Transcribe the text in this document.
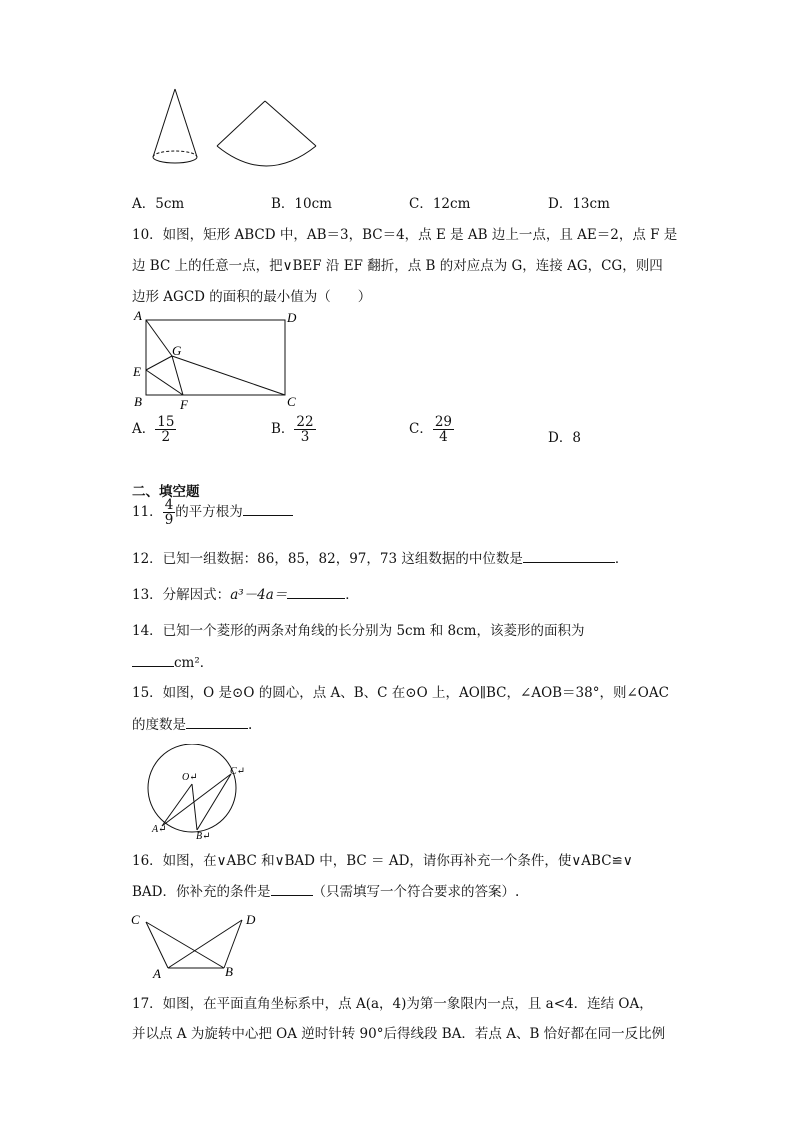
A．5cm	B．10cm	C．12cm	D．13cm
10．如图，矩形 ABCD 中，AB＝3，BC＝4，点 E 是 AB 边上一点，且 AE＝2，点 F 是
边 BC 上的任意一点，把∨BEF 沿 EF 翻折，点 B 的对应点为 G，连接 AG，CG，则四
边形 AGCD 的面积的最小值为（　　）
A	D
G
E
B	F	C
A． $\frac{15}{2}$	B． $\frac{22}{3}$	C． $\frac{29}{4}$	D．8
二、填空题
11． $\frac{4}{9}$ 的平方根为
12．已知一组数据：86，85，82，97，73 这组数据的中位数是	．
13．分解因式：a³－4a＝	．
14．已知一个菱形的两条对角线的长分别为 5cm 和 8cm，该菱形的面积为
cm²．
15．如图，O 是⊙O 的圆心，点 A、B、C 在⊙O 上，AO∥BC，∠AOB＝38°，则∠OAC
的度数是	.
O↵
C↵
A↵
B↵
16．如图，在∨ABC 和∨BAD 中，BC ＝ AD，请你再补充一个条件，使∨ABC≌∨
BAD．你补充的条件是	（只需填写一个符合要求的答案）.
C	D
A	B
17．如图，在平面直角坐标系中，点 A(a，4)为第一象限内一点，且 a<4．连结 OA，
并以点 A 为旋转中心把 OA 逆时针转 90°后得线段 BA．若点 A、B 恰好都在同一反比例
